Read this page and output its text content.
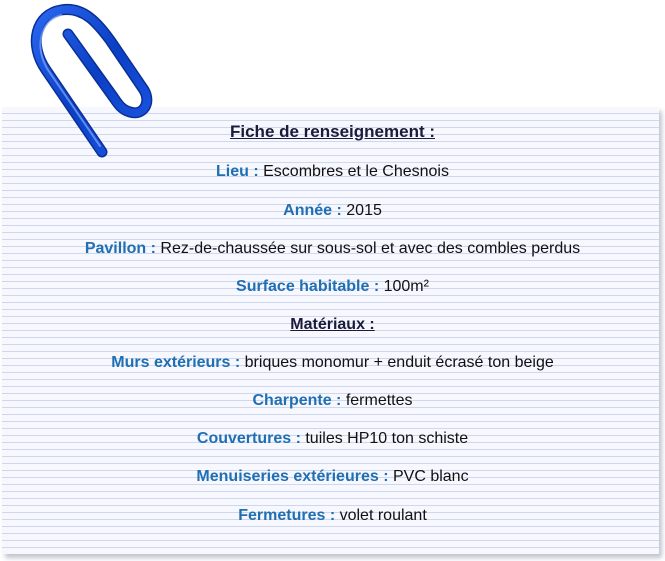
Fiche de renseignement :
Lieu : Escombres et le Chesnois
Année : 2015
Pavillon : Rez-de-chaussée sur sous-sol et avec des combles perdus
Surface habitable : 100m²
Matériaux :
Murs extérieurs : briques monomur + enduit écrasé ton beige
Charpente : fermettes
Couvertures : tuiles HP10 ton schiste
Menuiseries extérieures : PVC blanc
Fermetures : volet roulant
